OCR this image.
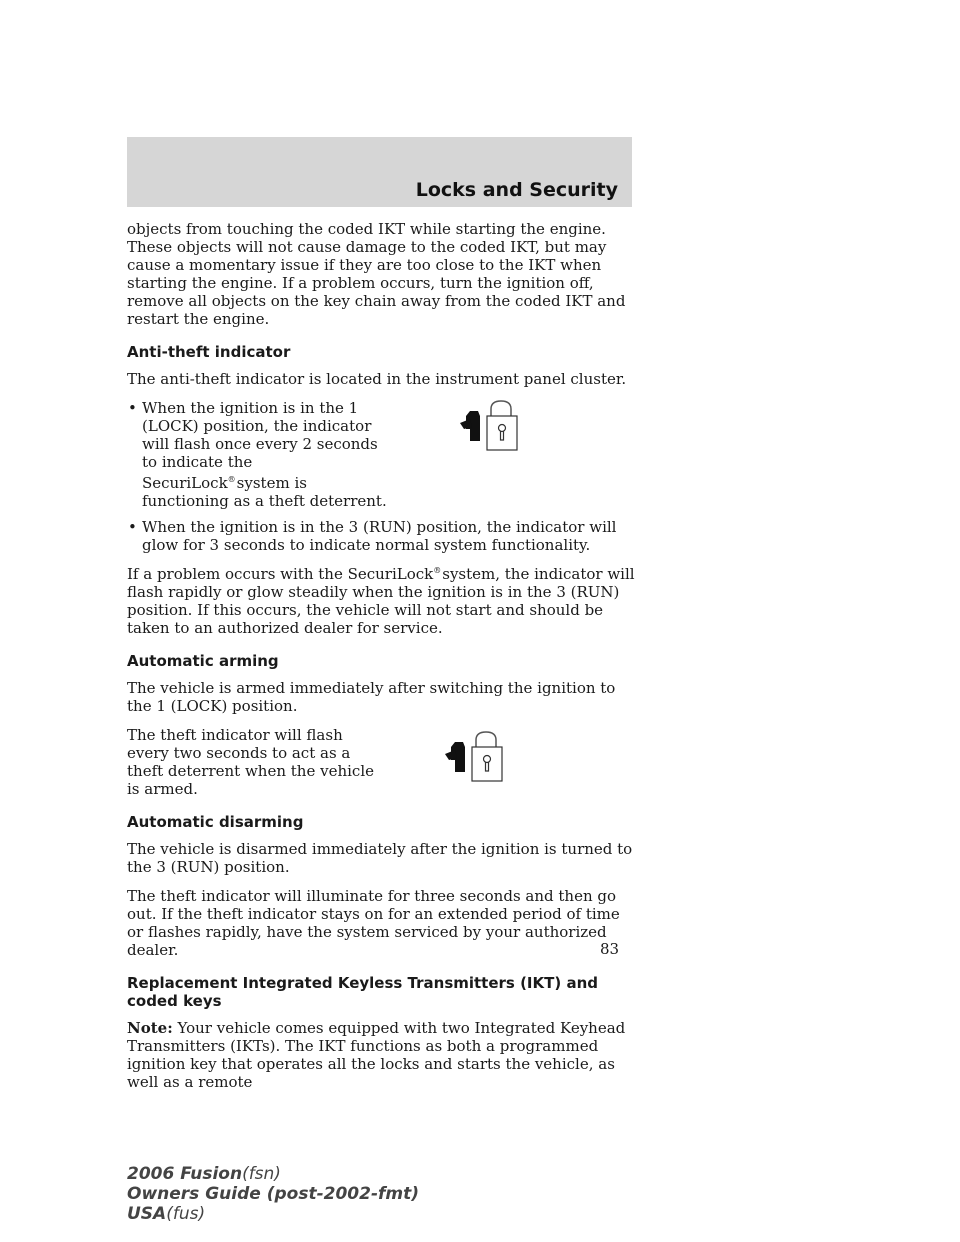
Locks and Security

objects from touching the coded IKT while starting the engine. These objects will not cause damage to the coded IKT, but may cause a momentary issue if they are too close to the IKT when starting the engine. If a problem occurs, turn the ignition off, remove all objects on the key chain away from the coded IKT and restart the engine.

Anti-theft indicator

The anti-theft indicator is located in the instrument panel cluster.

• When the ignition is in the 1 (LOCK) position, the indicator will flash once every 2 seconds to indicate the SecuriLock®system is functioning as a theft deterrent.
• When the ignition is in the 3 (RUN) position, the indicator will glow for 3 seconds to indicate normal system functionality.

If a problem occurs with the SecuriLock®system, the indicator will flash rapidly or glow steadily when the ignition is in the 3 (RUN) position. If this occurs, the vehicle will not start and should be taken to an authorized dealer for service.

Automatic arming

The vehicle is armed immediately after switching the ignition to the 1 (LOCK) position.

The theft indicator will flash every two seconds to act as a theft deterrent when the vehicle is armed.

Automatic disarming

The vehicle is disarmed immediately after the ignition is turned to the 3 (RUN) position.

The theft indicator will illuminate for three seconds and then go out. If the theft indicator stays on for an extended period of time or flashes rapidly, have the system serviced by your authorized dealer.

Replacement Integrated Keyless Transmitters (IKT) and coded keys

Note: Your vehicle comes equipped with two Integrated Keyhead Transmitters (IKTs). The IKT functions as both a programmed ignition key that operates all the locks and starts the vehicle, as well as a remote

83
2006 Fusion(fsn)
Owners Guide (post-2002-fmt)
USA(fus)
